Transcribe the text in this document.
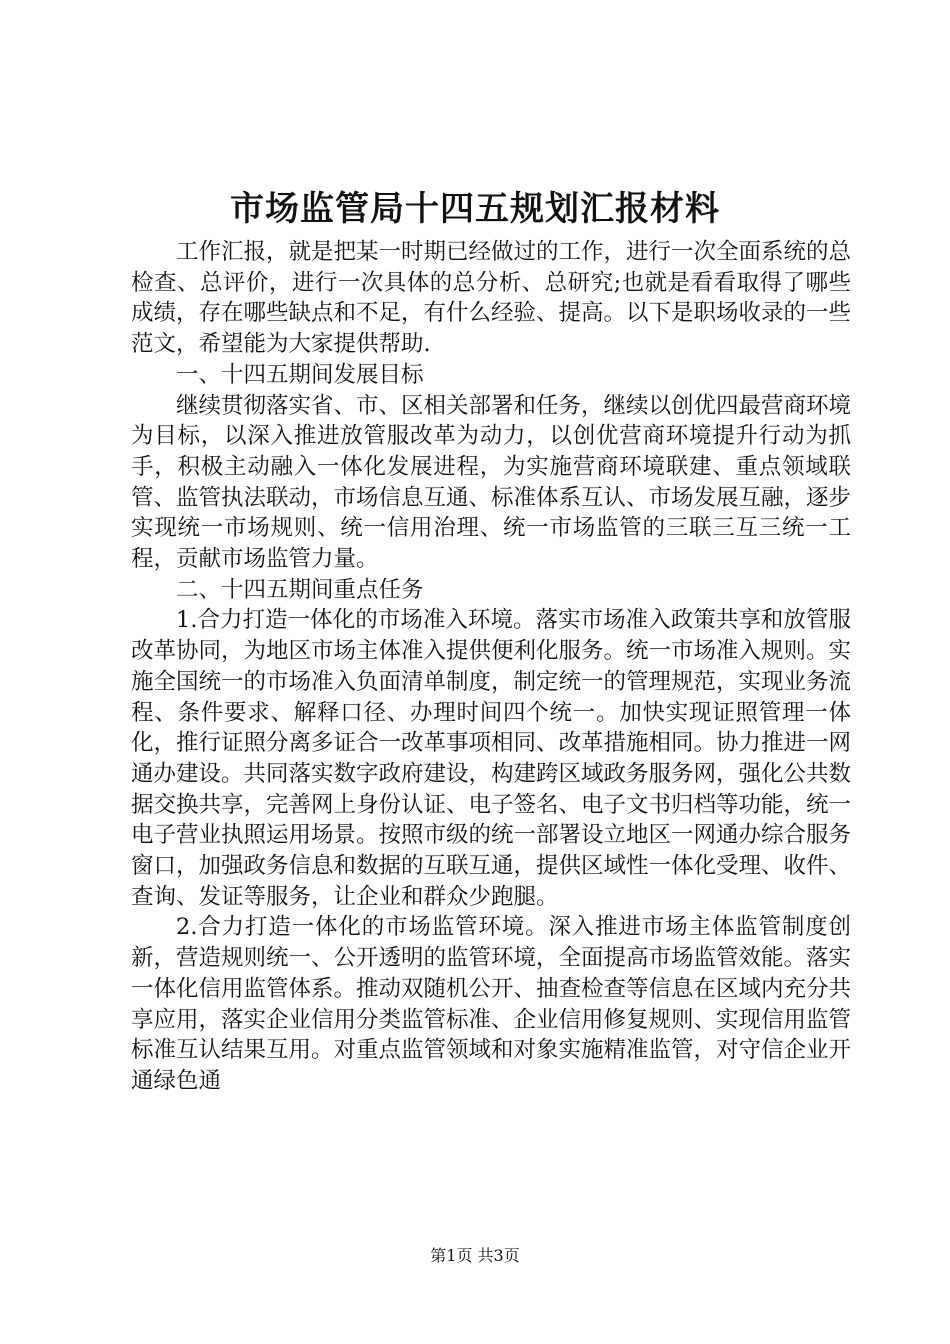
市场监管局十四五规划汇报材料

工作汇报，就是把某一时期已经做过的工作，进行一次全面系统的总检查、总评价，进行一次具体的总分析、总研究;也就是看看取得了哪些成绩，存在哪些缺点和不足，有什么经验、提高。以下是职场收录的一些范文，希望能为大家提供帮助.

一、十四五期间发展目标

继续贯彻落实省、市、区相关部署和任务，继续以创优四最营商环境为目标，以深入推进放管服改革为动力，以创优营商环境提升行动为抓手，积极主动融入一体化发展进程，为实施营商环境联建、重点领域联管、监管执法联动，市场信息互通、标准体系互认、市场发展互融，逐步实现统一市场规则、统一信用治理、统一市场监管的三联三互三统一工程，贡献市场监管力量。

二、十四五期间重点任务

1.合力打造一体化的市场准入环境。落实市场准入政策共享和放管服改革协同，为地区市场主体准入提供便利化服务。统一市场准入规则。实施全国统一的市场准入负面清单制度，制定统一的管理规范，实现业务流程、条件要求、解释口径、办理时间四个统一。加快实现证照管理一体化，推行证照分离多证合一改革事项相同、改革措施相同。协力推进一网通办建设。共同落实数字政府建设，构建跨区域政务服务网，强化公共数据交换共享，完善网上身份认证、电子签名、电子文书归档等功能，统一电子营业执照运用场景。按照市级的统一部署设立地区一网通办综合服务窗口，加强政务信息和数据的互联互通，提供区域性一体化受理、收件、查询、发证等服务，让企业和群众少跑腿。

2.合力打造一体化的市场监管环境。深入推进市场主体监管制度创新，营造规则统一、公开透明的监管环境，全面提高市场监管效能。落实一体化信用监管体系。推动双随机公开、抽查检查等信息在区域内充分共享应用，落实企业信用分类监管标准、企业信用修复规则、实现信用监管标准互认结果互用。对重点监管领域和对象实施精准监管，对守信企业开通绿色通

第1页 共3页
